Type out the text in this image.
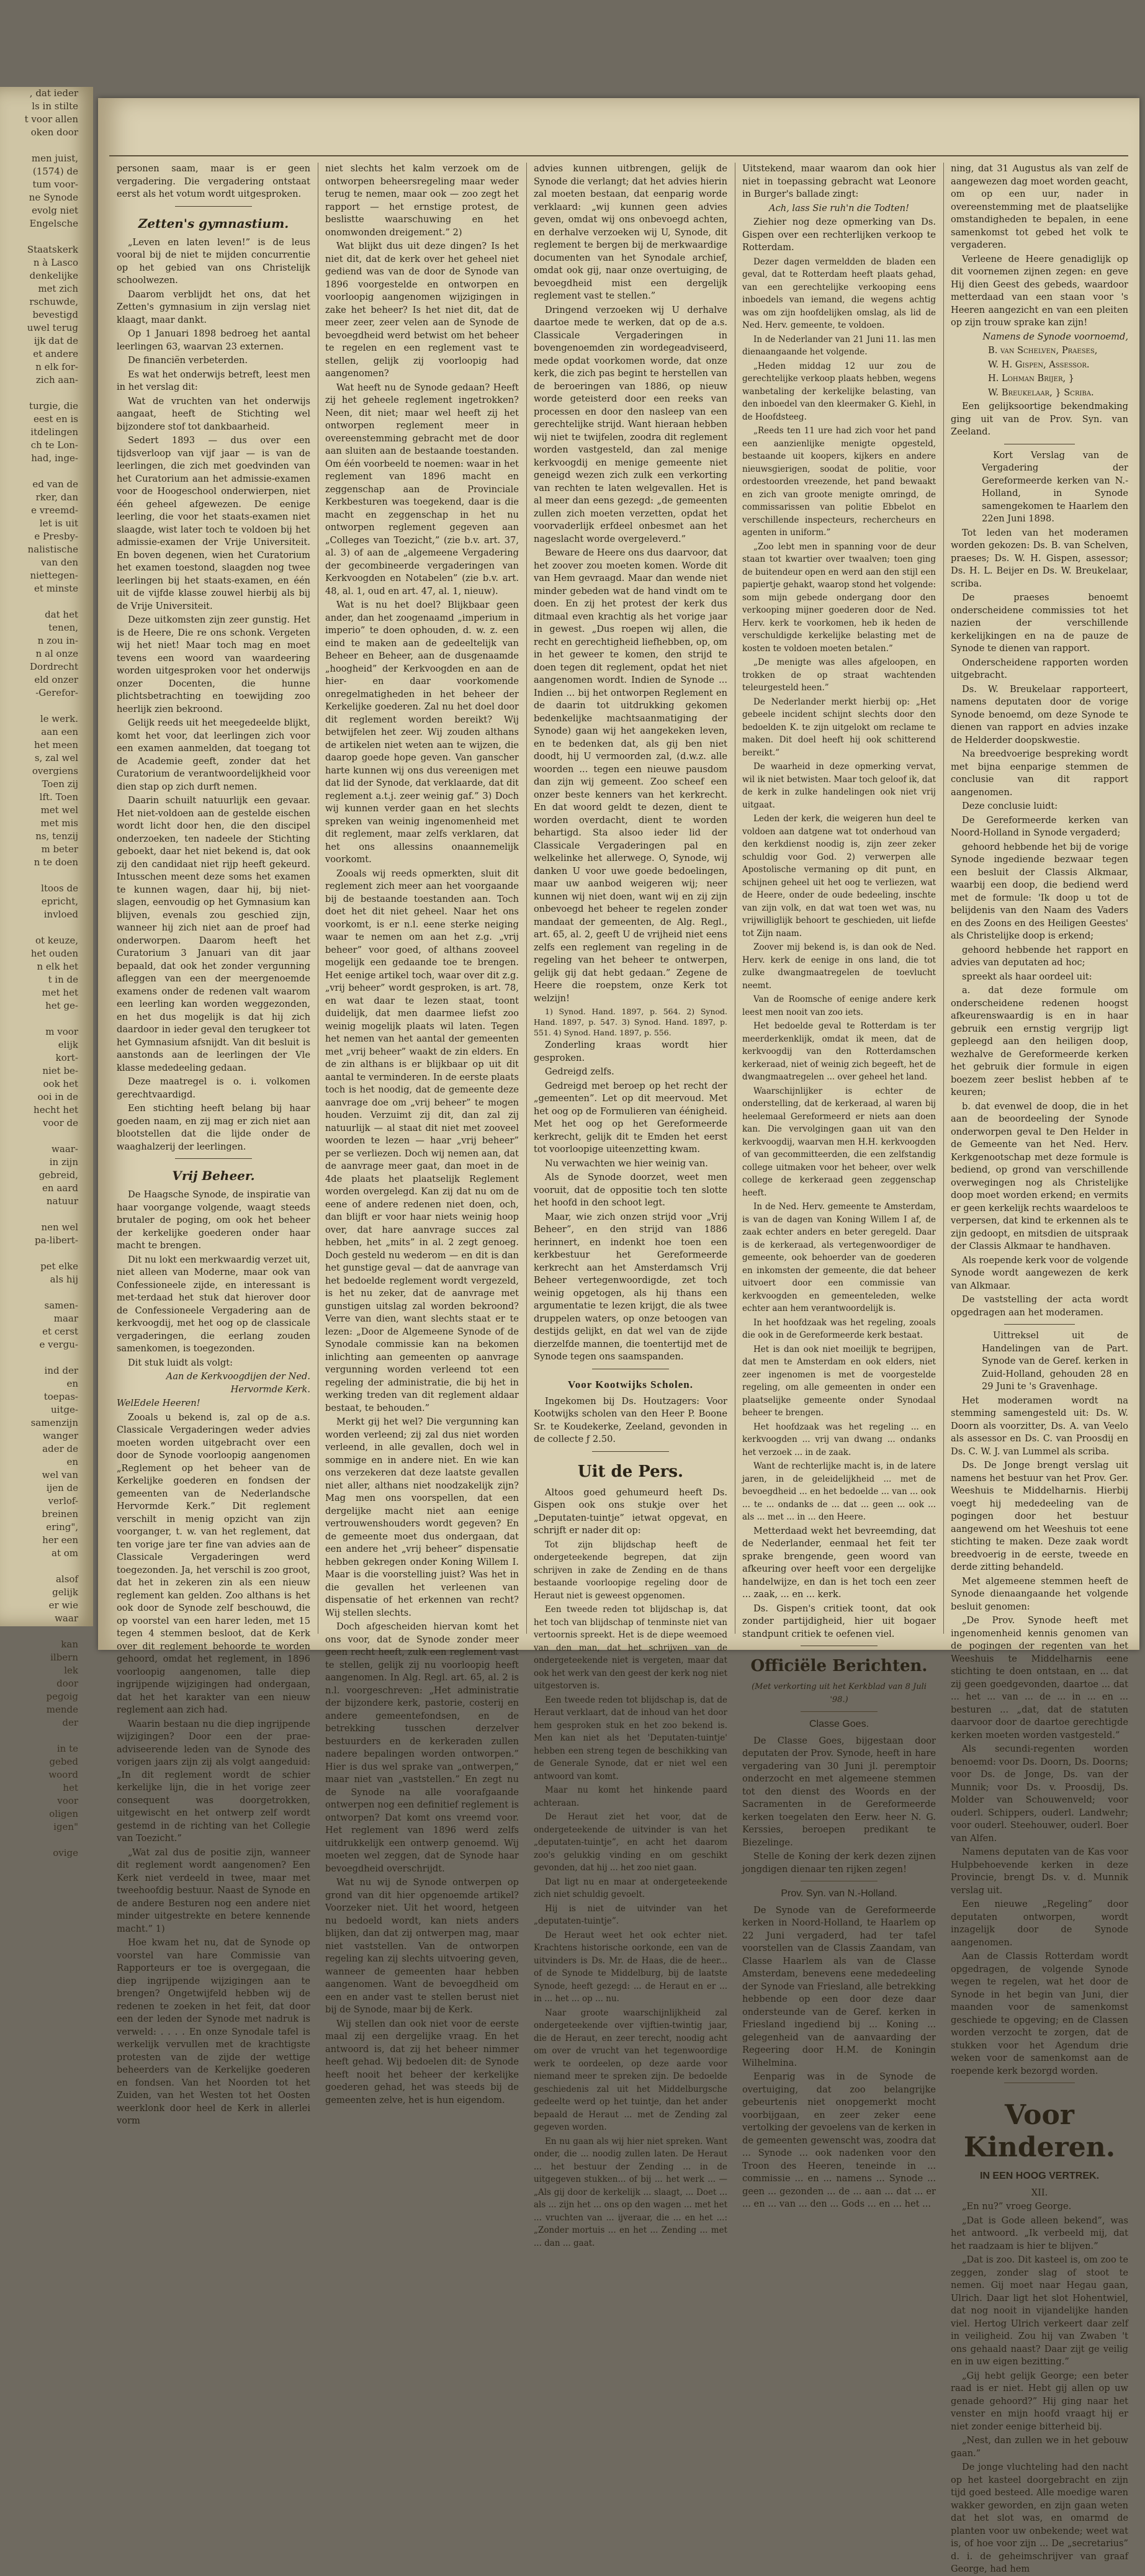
, dat ieder

ls in stilte

t voor allen

oken door

men juist,

(1574) de

tum voor-

ne Synode

evolg niet

Engelsche

Staatskerk

n à Lasco

denkelijke

met zich

rschuwde,

bevestigd

uwel terug

ijk dat de

et andere

n elk for-

zich aan-

turgie, die

eest en is

itdelingen

ch te Lon-

had, inge-

ed van de

rker, dan

e vreemd-

let is uit

e Presby-

nalistische

van den

niettegen-

et minste

dat het

tenen,

n zou in-

n al onze

Dordrecht

eld onzer

-Gerefor-

le werk.

aan een

het meen

s, zal wel

overgiens

Toen zij

lft. Toen

met wel

met mis

ns, tenzij

m beter

n te doen

ltoos de

epricht,

invloed

ot keuze,

het ouden

n elk het

t in de

met het

het ge-

m voor

elijk

kort-

niet be-

ook het

ooi in de

hecht het

voor de

waar-

in zijn

gebreid,

en aard

natuur

nen wel

pa-libert-

pet elke

als hij

samen-

maar

et cerst

e vergu-

ind der

en

toepas-

uitge-

samenzijn

wanger

ader de

en

wel van

ijen de

verlof-

breinen

ering",

her een

at om

alsof

gelijk

er wie

waar

kan

ilbern

lek

door

pegoig

mende

der

in te

gebed

woord

het

voor

oligen

igen"

ovige

personen saam, maar is er geen vergadering. Die vergadering ontstaat eerst als het votum wordt uitgesproken.

Zetten's gymnastium.

„Leven en laten leven!” is de leus vooral bij de niet te mijden concurrentie op het gebied van ons Christelijk schoolwezen.

Daarom verblijdt het ons, dat het Zetten's gymnasium in zijn verslag niet klaagt, maar dankt.

Op 1 Januari 1898 bedroeg het aantal leerlingen 63, waarvan 23 externen.

De financiën verbeterden.

Es wat het onderwijs betreft, leest men in het verslag dit:

Wat de vruchten van het onderwijs aangaat, heeft de Stichting wel bijzondere stof tot dankbaarheid.

Sedert 1893 — dus over een tijdsverloop van vijf jaar — is van de leerlingen, die zich met goedvinden van het Curatorium aan het admissie-examen voor de Hoogeschool onderwierpen, niet één geheel afgewezen. De eenige leerling, die voor het staats-examen niet slaagde, wist later toch te voldoen bij het admissie-examen der Vrije Universiteit. En boven degenen, wien het Curatorium het examen toestond, slaagden nog twee leerlingen bij het staats-examen, en één uit de vijfde klasse zouwel hierbij als bij de Vrije Universiteit.

Deze uitkomsten zijn zeer gunstig. Het is de Heere, Die re ons schonk. Vergeten wij het niet! Maar toch mag en moet tevens een woord van waardeering worden uitgesproken voor het onderwijs onzer Docenten, die hunne plichtsbetrachting en toewijding zoo heerlijk zien bekroond.

Gelijk reeds uit het meegedeelde blijkt, komt het voor, dat leerlingen zich voor een examen aanmelden, dat toegang tot de Academie geeft, zonder dat het Curatorium de verantwoordelijkheid voor dien stap op zich durft nemen.

Daarin schuilt natuurlijk een gevaar. Het niet-voldoen aan de gestelde eischen wordt licht door hen, die den discipel onderzoeken, ten nadeele der Stichting geboekt, daar het niet bekend is, dat ook zij den candidaat niet rijp heeft gekeurd. Intusschen meent deze soms het examen te kunnen wagen, daar hij, bij niet-slagen, eenvoudig op het Gymnasium kan blijven, evenals zou geschied zijn, wanneer hij zich niet aan de proef had onderworpen. Daarom heeft het Curatorium 3 Januari van dit jaar bepaald, dat ook het zonder vergunning afleggen van een der meergenoemde examens onder de redenen valt waarom een leerling kan worden weggezonden, en het dus mogelijk is dat hij zich daardoor in ieder geval den terugkeer tot het Gymnasium afsnijdt. Van dit besluit is aanstonds aan de leerlingen der Vle klasse mededeeling gedaan.

Deze maatregel is o. i. volkomen gerechtvaardigd.

Een stichting heeft belang bij haar goeden naam, en zij mag er zich niet aan blootstellen dat die lijde onder de waaghalzerij der leerlingen.

Vrij Beheer.

De Haagsche Synode, de inspiratie van haar voorgange volgende, waagt steeds brutaler de poging, om ook het beheer der kerkelijke goederen onder haar macht te brengen.

Dit nu lokt een merkwaardig verzet uit, niet alleen van Moderne, maar ook van Confessioneele zijde, en interessant is met-terdaad het stuk dat hierover door de Confessioneele Vergadering aan de kerkvoogdij, met het oog op de classicale vergaderingen, die eerlang zouden samenkomen, is toegezonden.

Dit stuk luidt als volgt:

Aan de Kerkvoogdijen der Ned. Hervormde Kerk.

WelEdele Heeren!

Zooals u bekend is, zal op de a.s. Classicale Vergaderingen weder advies moeten worden uitgebracht over een door de Synode voorloopig aangenomen „Reglement op het beheer van de Kerkelijke goederen en fondsen der gemeenten van de Nederlandsche Hervormde Kerk.” Dit reglement verschilt in menig opzicht van zijn voorganger, t. w. van het reglement, dat ten vorige jare ter fine van advies aan de Classicale Vergaderingen werd toegezonden. Ja, het verschil is zoo groot, dat het in zekeren zin als een nieuw reglement kan gelden. Zoo althans is het ook door de Synode zelf beschouwd, die op voorstel van een harer leden, met 15 tegen 4 stemmen besloot, dat de Kerk over dit reglement behoorde te worden gehoord, omdat het reglement, in 1896 voorloopig aangenomen, talle diep ingrijpende wijzigingen had ondergaan, dat het het karakter van een nieuw reglement aan zich had.

Waarin bestaan nu die diep ingrijpende wijzigingen? Door een der prae-adviseerende leden van de Synode des vorigen jaars zijn zij als volgt aangeduid: „In dit reglement wordt de schier kerkelijke lijn, die in het vorige zeer consequent was doorgetrokken, uitgewischt en het ontwerp zelf wordt gestemd in de richting van het Collegie van Toezicht.”

„Wat zal dus de positie zijn, wanneer dit reglement wordt aangenomen? Een Kerk niet verdeeld in twee, maar met tweehoofdig bestuur. Naast de Synode en de andere Besturen nog een andere niet minder uitgestrekte en betere kennende macht.” 1)

Hoe kwam het nu, dat de Synode op voorstel van hare Commissie van Rapporteurs er toe is overgegaan, die diep ingrijpende wijzigingen aan te brengen? Ongetwijfeld hebben wij de redenen te zoeken in het feit, dat door een der leden der Synode met nadruk is verweld: . . . . En onze Synodale tafel is werkelijk vervullen met de krachtigste protesten van de zijde der wettige beheerders van de Kerkelijke goederen en fondsen. Van het Noorden tot het Zuiden, van het Westen tot het Oosten weerklonk door heel de Kerk in allerlei vorm

niet slechts het kalm verzoek om de ontworpen beheersregeling maar weder terug te nemen, maar ook — zoo zegt het rapport — het ernstige protest, de beslistte waarschuwing en het onomwonden dreigement.” 2)

Wat blijkt dus uit deze dingen? Is het niet dit, dat de kerk over het geheel niet gediend was van de door de Synode van 1896 voorgestelde en ontworpen en voorloopig aangenomen wijzigingen in zake het beheer? Is het niet dit, dat de meer zeer, zeer velen aan de Synode de bevoegdheid werd betwist om het beheer te regelen en een reglement vast te stellen, gelijk zij voorloopig had aangenomen?

Wat heeft nu de Synode gedaan? Heeft zij het geheele reglement ingetrokken? Neen, dit niet; maar wel heeft zij het ontworpen reglement meer in overeenstemming gebracht met de door aan sluiten aan de bestaande toestanden. Om één voorbeeld te noemen: waar in het reglement van 1896 macht en zeggenschap aan de Provinciale Kerkbesturen was toegekend, daar is die macht en zeggenschap in het nu ontworpen reglement gegeven aan „Colleges van Toezicht,” (zie b.v. art. 37, al. 3) of aan de „algemeene Vergadering der gecombineerde vergaderingen van Kerkvoogden en Notabelen” (zie b.v. art. 48, al. 1, oud en art. 47, al. 1, nieuw).

Wat is nu het doel? Blijkbaar geen ander, dan het zoogenaamd „imperium in imperio” te doen ophouden, d. w. z. een eind te maken aan de gedeeltelijk van Beheer en Beheer, aan de dusgenaamde „hoogheid” der Kerkvoogden en aan de hier- en daar voorkomende onregelmatigheden in het beheer der Kerkelijke goederen. Zal nu het doel door dit reglement worden bereikt? Wij betwijfelen het zeer. Wij zouden althans de artikelen niet weten aan te wijzen, die daarop goede hope geven. Van ganscher harte kunnen wij ons dus vereenigen met dat lid der Synode, dat verklaarde, dat dit reglement a.t.j. zeer weinig gaf.” 3) Doch wij kunnen verder gaan en het slechts spreken van weinig ingenomenheid met dit reglement, maar zelfs verklaren, dat het ons allessins onaannemelijk voorkomt.

Zooals wij reeds opmerkten, sluit dit reglement zich meer aan het voorgaande bij de bestaande toestanden aan. Toch doet het dit niet geheel. Naar het ons voorkomt, is er n.l. eene sterke neiging waar te nemen om aan het z.g. „vrij beheer” voor goed, of althans zooveel mogelijk een gedaande toe te brengen. Het eenige artikel toch, waar over dit z.g. „vrij beheer” wordt gesproken, is art. 78, en wat daar te lezen staat, toont duidelijk, dat men daarmee liefst zoo weinig mogelijk plaats wil laten. Tegen het nemen van het aantal der gemeenten met „vrij beheer” waakt de zin elders. En de zin althans is er blijkbaar op uit dit aantal te verminderen. In de eerste plaats toch is het noodig, dat de gemeente deze aanvrage doe om „vrij beheer” te mogen houden. Verzuimt zij dit, dan zal zij natuurlijk — al staat dit niet met zooveel woorden te lezen — haar „vrij beheer” per se verliezen. Doch wij nemen aan, dat de aanvrage meer gaat, dan moet in de 4de plaats het plaatselijk Reglement worden overgelegd. Kan zij dat nu om de eene of andere redenen niet doen, och, dan blijft er voor haar niets weinig hoop over, dat hare aanvrage succes zal hebben, het „mits” in al. 2 zegt genoeg. Doch gesteld nu wederom — en dit is dan het gunstige geval — dat de aanvrage van het bedoelde reglement wordt vergezeld, is het nu zeker, dat de aanvrage met gunstigen uitslag zal worden bekroond? Verre van dien, want slechts staat er te lezen: „Door de Algemeene Synode of de Synodale commissie kan na bekomen inlichting aan gemeenten op aanvrage vergunning worden verleend tot een regeling der administratie, die bij het in werking treden van dit reglement aldaar bestaat, te behouden.”

Merkt gij het wel? Die vergunning kan worden verleend; zij zal dus niet worden verleend, in alle gevallen, doch wel in sommige en in andere niet. En wie kan ons verzekeren dat deze laatste gevallen niet aller, althans niet noodzakelijk zijn? Mag men ons voorspellen, dat een dergelijke macht niet aan eenige vertrouwenshouders wordt gegeven? En de gemeente moet dus ondergaan, dat een andere het „vrij beheer” dispensatie hebben gekregen onder Koning Willem I. Maar is die voorstelling juist? Was het in die gevallen het verleenen van dispensatie of het erkennen van recht? Wij stellen slechts.

Doch afgescheiden hiervan komt het ons voor, dat de Synode zonder meer geen recht heeft, zulk een reglement vast te stellen, gelijk zij nu voorloopig heeft aangenomen. In Alg. Regl. art. 65, al. 2 is n.l. voorgeschreven: „Het administratie der bijzondere kerk, pastorie, costerij en andere gemeentefondsen, en de betrekking tusschen derzelver bestuurders en de kerkeraden zullen nadere bepalingen worden ontworpen.” Hier is dus wel sprake van „ontwerpen,” maar niet van „vaststellen.” En zegt nu de Synode na alle voorafgaande ontwerpen nog een definitief reglement is ontworpen? Dat komt ons vreemd voor. Het reglement van 1896 werd zelfs uitdrukkelijk een ontwerp genoemd. Wij moeten wel zeggen, dat de Synode haar bevoegdheid overschrijdt.

Wat nu wij de Synode ontwerpen op grond van dit hier opgenoemde artikel? Voorzeker niet. Uit het woord, hetgeen nu bedoeld wordt, kan niets anders blijken, dan dat zij ontwerpen mag, maar niet vaststellen. Van de ontworpen regeling kan zij slechts uitvoering geven, wanneer de gemeenten haar hebben aangenomen. Want de bevoegdheid om een en ander vast te stellen berust niet bij de Synode, maar bij de Kerk.

Wij stellen dan ook niet voor de eerste maal zij een dergelijke vraag. En het antwoord is, dat zij het beheer nimmer heeft gehad. Wij bedoelen dit: de Synode heeft nooit het beheer der kerkelijke goederen gehad, het was steeds bij de gemeenten zelve, het is hun eigendom.

advies kunnen uitbrengen, gelijk de Synode die verlangt; dat het advies hierin zal moeten bestaan, dat eenparig worde verklaard: „wij kunnen geen advies geven, omdat wij ons onbevoegd achten, en derhalve verzoeken wij U, Synode, dit reglement te bergen bij de merkwaardige documenten van het Synodale archief, omdat ook gij, naar onze overtuiging, de bevoegdheid mist een dergelijk reglement vast te stellen.”

Dringend verzoeken wij U derhalve daartoe mede te werken, dat op de a.s. Classicale Vergaderingen in bovengenoemden zin wordegeadviseerd, mede opdat voorkomen worde, dat onze kerk, die zich pas begint te herstellen van de beroeringen van 1886, op nieuw worde geteisterd door een reeks van processen en door den nasleep van een gerechtelijke strijd. Want hieraan hebben wij niet te twijfelen, zoodra dit reglement worden vastgesteld, dan zal menige kerkvoogdij en menige gemeente niet geneigd wezen zich zulk een verkorting van rechten te laten welgevallen. Het is al meer dan eens gezegd: „de gemeenten zullen zich moeten verzetten, opdat het voorvaderlijk erfdeel onbesmet aan het nageslacht worde overgeleverd.”

Beware de Heere ons dus daarvoor, dat het zoover zou moeten komen. Worde dit van Hem gevraagd. Maar dan wende niet minder gebeden wat de hand vindt om te doen. En zij het protest der kerk dus ditmaal even krachtig als het vorige jaar in gewest. „Dus roepen wij allen, die recht en gerechtigheid liefhebben, op, om in het geweer te komen, den strijd te doen tegen dit reglement, opdat het niet aangenomen wordt. Indien de Synode ... Indien ... bij het ontworpen Reglement en de daarin tot uitdrukking gekomen bedenkelijke machtsaanmatiging der Synode) gaan wij het aangekeken leven, en te bedenken dat, als gij ben niet doodt, hij U vermoorden zal, (d.w.z. alle woorden ... tegen een nieuwe pausdom dan zijn wij gemeent. Zoo scheef een onzer beste kenners van het kerkrecht. En dat woord geldt te dezen, dient te worden overdacht, dient te worden behartigd. Sta alsoo ieder lid der Classicale Vergaderingen pal en welkelinke het allerwege. O, Synode, wij danken U voor uwe goede bedoelingen, maar uw aanbod weigeren wij; neer kunnen wij niet doen, want wij en zij zijn onbevoegd het beheer te regelen zonder mandaat der gemeenten, de Alg. Regl., art. 65, al. 2, geeft U de vrijheid niet eens zelfs een reglement van regeling in de regeling van het beheer te ontwerpen, gelijk gij dat hebt gedaan.” Zegene de Heere die roepstem, onze Kerk tot welzijn!

1) Synod. Hand. 1897, p. 564. 2) Synod. Hand. 1897, p. 547. 3) Synod. Hand. 1897, p. 551. 4) Synod. Hand. 1897, p. 556.

Zonderling kraas wordt hier gesproken.

Gedreigd zelfs.

Gedreigd met beroep op het recht der „gemeenten”. Let op dit meervoud. Met het oog op de Formulieren van éénigheid. Met het oog op het Gereformeerde kerkrecht, gelijk dit te Emden het eerst tot voorloopige uiteenzetting kwam.

Nu verwachten we hier weinig van.

Als de Synode doorzet, weet men vooruit, dat de oppositie toch ten slotte het hoofd in den schoot legt.

Maar, wie zich onzen strijd voor „Vrij Beheer”, en den strijd van 1886 herinnert, en indenkt hoe toen een kerkbestuur het Gereformeerde kerkrecht aan het Amsterdamsch Vrij Beheer vertegenwoordigde, zet toch weinig opgetogen, als hij thans een argumentatie te lezen krijgt, die als twee druppelen waters, op onze betoogen van destijds gelijkt, en dat wel van de zijde dierzelfde mannen, die toentertijd met de Synode tegen ons saamspanden.

Voor Kootwijks Scholen.

Ingekomen bij Ds. Houtzagers: Voor Kootwijks scholen van den Heer P. Boone Sr. te Koudekerke, Zeeland, gevonden in de collecte ƒ 2.50.

Uit de Pers.

Altoos goed gehumeurd heeft Ds. Gispen ook ons stukje over het „Deputaten-tuintje” ietwat opgevat, en schrijft er nader dit op:

Tot zijn blijdschap heeft de ondergeteekende begrepen, dat zijn schrijven in zake de Zending en de thans bestaande voorloopige regeling door de Heraut niet is geweest opgenomen.

Een tweede reden tot blijdschap is, dat het toch van blijdschap of tenminste niet van vertoornis spreekt. Het is de diepe weemoed van den man, dat het schrijven van de ondergeteekende niet is vergeten, maar dat ook het werk van den geest der kerk nog niet uitgestorven is.

Een tweede reden tot blijdschap is, dat de Heraut verklaart, dat de inhoud van het door hem gesproken stuk en het zoo bekend is. Men kan niet als het 'Deputaten-tuintje' hebben een streng tegen de beschikking van de Generale Synode, dat er niet wel een antwoord van komt.

Maar nu komt het hinkende paard achteraan.

De Heraut ziet het voor, dat de ondergeteekende de uitvinder is van het „deputaten-tuintje”, en acht het daarom zoo's gelukkig vinding en om geschikt gevonden, dat hij ... het zoo niet gaan.

Dat ligt nu en maar at ondergeteekende zich niet schuldig gevoelt.

Hij is niet de uitvinder van het „deputaten-tuintje”.

De Heraut weet het ook echter niet. Krachtens historische oorkonde, een van de uitvinders is Ds. Mr. de Haas, die de heer... of de Synode te Middelburg, bij de laatste Synode, heeft gezegd: ... de Heraut en er ... in ... het ... op ... nu.

Naar groote waarschijnlijkheid zal ondergeteekende over vijftien-twintig jaar, die de Heraut, en zeer terecht, noodig acht om over de vrucht van het tegenwoordige werk te oordeelen, op deze aarde voor niemand meer te spreken zijn. De bedoelde geschiedenis zal uit het Middelburgsche gedeelte werd op het tuintje, dan het ander bepaald de Heraut ... met de Zending zal gegeven worden.

En nu gaan als wij hier niet spreken. Want onder, die ... noodig zullen laten. De Heraut ... het bestuur der Zending ... in de uitgegeven stukken... of bij ... het werk ... — „Als gij door de kerkelijk ... slaagt, ... Doet ... als ... zijn het ... ons op den wagen ... met het ... vruchten van ... ijveraar, die ... en het ...: „Zonder mortuis ... en het ... Zending ... met ... dan ... gaat.

Uitstekend, maar waarom dan ook hier niet in toepassing gebracht wat Leonore in Burger's ballade zingt:

Ach, lass Sie ruh'n die Todten!

Ziehier nog deze opmerking van Ds. Gispen over een rechterlijken verkoop te Rotterdam.

Dezer dagen vermeldden de bladen een geval, dat te Rotterdam heeft plaats gehad, van een gerechtelijke verkooping eens inboedels van iemand, die wegens achtig was om zijn hoofdelijken omslag, als lid de Ned. Herv. gemeente, te voldoen.

In de Nederlander van 21 Juni 11. las men dienaangaande het volgende.

„Heden middag 12 uur zou de gerechtelijke verkoop plaats hebben, wegens wanbetaling der kerkelijke belasting, van den inboedel van den kleermaker G. Kiehl, in de Hoofdsteeg.

„Reeds ten 11 ure had zich voor het pand een aanzienlijke menigte opgesteld, bestaande uit koopers, kijkers en andere nieuwsgierigen, soodat de politie, voor ordestoorden vreezende, het pand bewaakt en zich van groote menigte omringd, de commissarissen van politie Ebbelot en verschillende inspecteurs, rechercheurs en agenten in uniform.”

„Zoo lebt men in spanning voor de deur staan tot kwartier over twaalven; toen ging de buitendeur open en werd aan den stijl een papiertje gehakt, waarop stond het volgende: som mijn gebede ondergang door den verkooping mijner goederen door de Ned. Herv. kerk te voorkomen, heb ik heden de verschuldigde kerkelijke belasting met de kosten te voldoen moeten betalen.”

„De menigte was alles afgeloopen, en trokken de op straat wachtenden teleurgesteld heen.”

De Nederlander merkt hierbij op: „Het gebeele incident schijnt slechts door den bedoelden K. te zijn uitgelokt om reclame te maken. Dit doel heeft hij ook schitterend bereikt.”

De waarheid in deze opmerking vervat, wil ik niet betwisten. Maar toch geloof ik, dat de kerk in zulke handelingen ook niet vrij uitgaat.

Leden der kerk, die weigeren hun deel te voldoen aan datgene wat tot onderhoud van den kerkdienst noodig is, zijn zeer zeker schuldig voor God. 2) verwerpen alle Apostolische vermaning op dit punt, en schijnen geheel uit het oog te verliezen, wat de Heere, onder de oude bedeeling, inschte van zijn volk, en dat wat toen wet was, nu vrijwilliglijk behoort te geschieden, uit liefde tot Zijn naam.

Zoover mij bekend is, is dan ook de Ned. Herv. kerk de eenige in ons land, die tot zulke dwangmaatregelen de toevlucht neemt.

Van de Roomsche of eenige andere kerk leest men nooit van zoo iets.

Het bedoelde geval te Rotterdam is ter meerderkenklijk, omdat ik meen, dat de kerkvoogdij van den Rotterdamschen kerkeraad, niet of weinig zich begeeft, het de dwangmaatregelen ... over geheel het land.

Waarschijnlijker is echter de onderstelling, dat de kerkeraad, al waren bij heelemaal Gereformeerd er niets aan doen kan. Die vervolgingen gaan uit van den kerkvoogdij, waarvan men H.H. kerkvoogden of van gecommitteerden, die een zelfstandig college uitmaken voor het beheer, over welk college de kerkeraad geen zeggenschap heeft.

In de Ned. Herv. gemeente te Amsterdam, is van de dagen van Koning Willem I af, de zaak echter anders en beter geregeld. Daar is de kerkeraad, als vertegenwoordiger de gemeente, ook behoerder van de goederen en inkomsten der gemeente, die dat beheer uitvoert door een commissie van kerkvoogden en gemeenteleden, welke echter aan hem verantwoordelijk is.

In het hoofdzaak was het regeling, zooals die ook in de Gereformeerde kerk bestaat.

Het is dan ook niet moeilijk te begrijpen, dat men te Amsterdam en ook elders, niet zeer ingenomen is met de voorgestelde regeling, om alle gemeenten in onder een plaatselijke gemeente onder Synodaal beheer te brengen.

Het hoofdzaak was het regeling ... en kerkvoogden ... vrij van dwang ... ondanks het verzoek ... in de zaak.

Want de rechterlijke macht is, in de latere jaren, in de geleidelijkheid ... met de bevoegdheid ... en het bedoelde ... van ... ook ... te ... ondanks de ... dat ... geen ... ook ... als ... met ... in ... den Heere.

Metterdaad wekt het bevreemding, dat de Nederlander, eenmaal het feit ter sprake brengende, geen woord van afkeuring over heeft voor een dergelijke handelwijze, en dan is het toch een zeer ... zaak, ... en ... kerk.

Ds. Gispen's critiek toont, dat ook zonder partijdigheid, hier uit bogaer standpunt critiek te oefenen viel.

Officiële Berichten.

(Met verkorting uit het Kerkblad van 8 Juli '98.)

Classe Goes.

De Classe Goes, bijgestaan door deputaten der Prov. Synode, heeft in hare vergadering van 30 Juni jl. peremptoir onderzocht en met algemeene stemmen tot den dienst des Woords en der Sacramenten in de Gereformeerde kerken toegelaten den Eerw. heer N. G. Kerssies, beroepen predikant te Biezelinge.

Stelle de Koning der kerk dezen zijnen jongdigen dienaar ten rijken zegen!

Prov. Syn. van N.-Holland.

De Synode van de Gereformeerde kerken in Noord-Holland, te Haarlem op 22 Juni vergaderd, had ter tafel voorstellen van de Classis Zaandam, van Classe Haarlem als van de Classe Amsterdam, benevens eene mededeeling der Synode van Friesland, alle betrekking hebbende op een door deze daar ondersteunde van de Geref. kerken in Friesland ingediend bij ... Koning ... gelegenheid van de aanvaarding der Regeering door H.M. de Koningin Wilhelmina.

Eenparig was in de Synode de overtuiging, dat zoo belangrijke gebeurtenis niet onopgemerkt mocht voorbijgaan, en zeer zeker eene vertolking der gevoelens van de kerken in de gemeenten gewenscht was, zoodra dat ... Synode ... ook nadenken voor den Troon des Heeren, teneinde in ... commissie ... en ... namens ... Synode ... geen ... gezonden ... de ... aan ... dat ... er ... en ... van ... den ... Gods ... en ... het ...

ning, dat 31 Augustus als van zelf de aangewezen dag moet worden geacht, om op een uur, nader in overeenstemming met de plaatselijke omstandigheden te bepalen, in eene samenkomst tot gebed het volk te vergaderen.

Verleene de Heere genadiglijk op dit voornemen zijnen zegen: en geve Hij dien Geest des gebeds, waardoor metterdaad van een staan voor 's Heeren aangezicht en van een pleiten op zijn trouw sprake kan zijn!

Namens de Synode voornoemd,

B. van Schelven, Praeses,

W. H. Gispen, Assessor.

H. Lohman Brijer, }

W. Breukelaar, } Scriba.

Een gelijksoortige bekendmaking ging uit van de Prov. Syn. van Zeeland.

Kort Verslag van de Vergadering der Gereformeerde kerken van N.-Holland, in Synode samengekomen te Haarlem den 22en Juni 1898.

Tot leden van het moderamen worden gekozen: Ds. B. van Schelven, praeses; Ds. W. H. Gispen, assessor; Ds. H. L. Beijer en Ds. W. Breukelaar, scriba.

De praeses benoemt onderscheidene commissies tot het nazien der verschillende kerkelijkingen en na de pauze de Synode te dienen van rapport.

Onderscheidene rapporten worden uitgebracht.

Ds. W. Breukelaar rapporteert, namens deputaten door de vorige Synode benoemd, om deze Synode te dienen van rapport en advies inzake de Helderder doopskwestie.

Na breedvoerige bespreking wordt met bijna eenparige stemmen de conclusie van dit rapport aangenomen.

Deze conclusie luidt:

De Gereformeerde kerken van Noord-Holland in Synode vergaderd;

gehoord hebbende het bij de vorige Synode ingediende bezwaar tegen een besluit der Classis Alkmaar, waarbij een doop, die bediend werd met de formule: 'Ik doop u tot de belijdenis van den Naam des Vaders en des Zoons en des Heiligen Geestes' als Christelijke doop is erkend;

gehoord hebbende het rapport en advies van deputaten ad hoc;

spreekt als haar oordeel uit:

a. dat deze formule om onderscheidene redenen hoogst afkeurenswaardig is en in haar gebruik een ernstig vergrijp ligt gepleegd aan den heiligen doop, wezhalve de Gereformeerde kerken het gebruik dier formule in eigen boezem zeer beslist hebben af te keuren;

b. dat evenwel de doop, die in het aan de beoordeeling der Synode onderworpen geval te Den Helder in de Gemeente van het Ned. Herv. Kerkgenootschap met deze formule is bediend, op grond van verschillende overwegingen nog als Christelijke doop moet worden erkend; en vermits er geen kerkelijk rechts waardeloos te verpersen, dat kind te erkennen als te zijn gedoopt, en mitsdien de uitspraak der Classis Alkmaar te handhaven.

Als roepende kerk voor de volgende Synode wordt aangewezen de kerk van Alkmaar.

De vaststelling der acta wordt opgedragen aan het moderamen.

Uittreksel uit de Handelingen van de Part. Synode van de Geref. kerken in Zuid-Holland, gehouden 28 en 29 Juni te 's Gravenhage.

Het moderamen wordt na stemming samengesteld uit: Ds. W. Doorn als voorzitter, Ds. A. van Veelo als assessor en Ds. C. van Proosdij en Ds. C. W. J. van Lummel als scriba.

Ds. De Jonge brengt verslag uit namens het bestuur van het Prov. Ger. Weeshuis te Middelharnis. Hierbij voegt hij mededeeling van de pogingen door het bestuur aangewend om het Weeshuis tot eene stichting te maken. Deze zaak wordt breedvoerig in de eerste, tweede en derde zitting behandeld.

Met algemeene stemmen heeft de Synode dienaangaande het volgende besluit genomen:

„De Prov. Synode heeft met ingenomenheid kennis genomen van de pogingen der regenten van het Weeshuis te Middelharnis eene stichting te doen ontstaan, en ... dat zij geen goedgevonden, daartoe ... dat ... het ... van ... de ... in ... en ... besturen ... „dat, dat de statuten daarvoor door de daartoe gerechtigde kerken moeten worden vastgesteld.”

Als secundi-regenten worden benoemd: voor Ds. Doorn, Ds. Doorns; voor Ds. de Jonge, Ds. van der Munnik; voor Ds. v. Proosdij, Ds. Molder van Schouwenveld; voor ouderl. Schippers, ouderl. Landwehr; voor ouderl. Steehouwer, ouderl. Boer van Alfen.

Namens deputaten van de Kas voor Hulpbehoevende kerken in deze Provincie, brengt Ds. v. d. Munnik verslag uit.

Een nieuwe „Regeling” door deputaten ontworpen, wordt inzagelijk door de Synode aangenomen.

Aan de Classis Rotterdam wordt opgedragen, de volgende Synode wegen te regelen, wat het door de Synode in het begin van Juni, dier maanden voor de samenkomst geschiede te opgeving; en de Classen worden verzocht te zorgen, dat de stukken voor het Agendum drie weken voor de samenkomst aan de roepende kerk bezorgd worden.

Voor Kinderen.
IN EEN HOOG VERTREK.

XII.

„En nu?” vroeg George.

„Dat is Gode alleen bekend”, was het antwoord. „Ik verbeeld mij, dat het raadzaam is hier te blijven.”

„Dat is zoo. Dit kasteel is, om zoo te zeggen, zonder slag of stoot te nemen. Gij moet naar Hegau gaan, Ulrich. Daar ligt het slot Hohentwiel, dat nog nooit in vijandelijke handen viel. Hertog Ulrich verkeert daar zelf in veiligheid. Zou hij van Zwaben 't ons gehaald naast? Daar zijt ge veilig en in uw eigen bezitting.”

„Gij hebt gelijk George; een beter raad is er niet. Hebt gij allen op uw genade gehoord?” Hij ging naar het venster en mijn hoofd vraagt hij er niet zonder eenige bitterheid bij.

„Nest, dan zullen we in het gebouw gaan.”

De jonge vluchteling had den nacht op het kasteel doorgebracht en zijn tijd goed besteed. Alle moedige waren wakker geworden, en zijn gaan weten dat het slot was, en omarmd de planten voor uw onbekende; weet wat is, of hoe voor zijn ... De „secretarius” d. i. de geheimschrijver van graaf George, had hem
